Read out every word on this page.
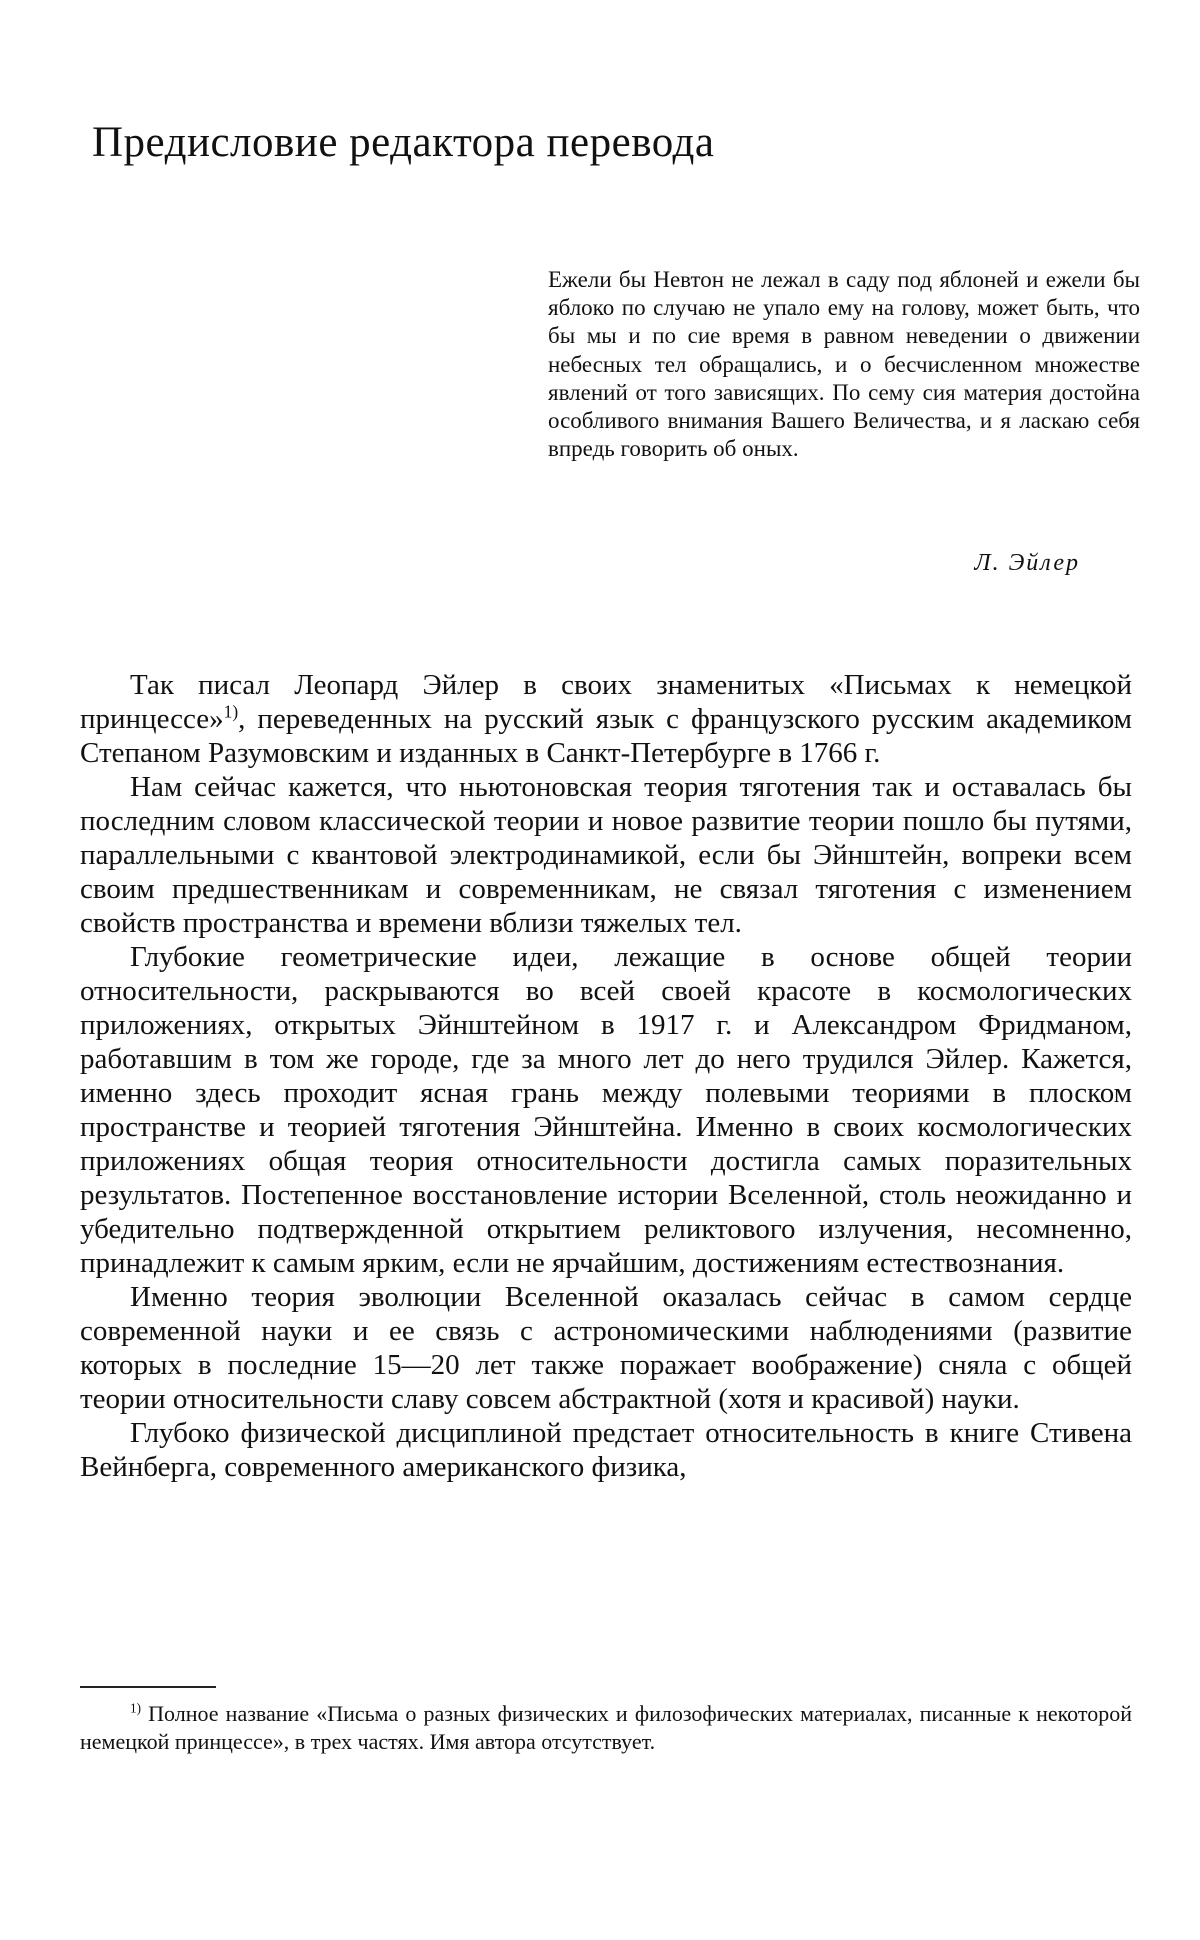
Предисловие редактора перевода

Ежели бы Невтон не лежал в саду под яблоней и ежели бы яблоко по случаю не упало ему на голову, может быть, что бы мы и по сие время в равном неведении о движении небесных тел обращались, и о бесчисленном множестве явлений от того зависящих. По сему сия материя достойна особливого внимания Вашего Величества, и я ласкаю себя впредь говорить об оных.

Л. Эйлер

Так писал Леопард Эйлер в своих знаменитых «Письмах к немецкой принцессе»$^{1)}$, переведенных на русский язык с французского русским академиком Степаном Разумовским и изданных в Санкт-Петербурге в 1766 г.

Нам сейчас кажется, что ньютоновская теория тяготения так и оставалась бы последним словом классической теории и новое развитие теории пошло бы путями, параллельными с квантовой электродинамикой, если бы Эйнштейн, вопреки всем своим предшественникам и современникам, не связал тяготения с изменением свойств пространства и времени вблизи тяжелых тел.

Глубокие геометрические идеи, лежащие в основе общей теории относительности, раскрываются во всей своей красоте в космологических приложениях, открытых Эйнштейном в 1917 г. и Александром Фридманом, работавшим в том же городе, где за много лет до него трудился Эйлер. Кажется, именно здесь проходит ясная грань между полевыми теориями в плоском пространстве и теорией тяготения Эйнштейна. Именно в своих космологических приложениях общая теория относительности достигла самых поразительных результатов. Постепенное восстановление истории Вселенной, столь неожиданно и убедительно подтвержденной открытием реликтового излучения, несомненно, принадлежит к самым ярким, если не ярчайшим, достижениям естествознания.

Именно теория эволюции Вселенной оказалась сейчас в самом сердце современной науки и ее связь с астрономическими наблюдениями (развитие которых в последние 15—20 лет также поражает воображение) сняла с общей теории относительности славу совсем абстрактной (хотя и красивой) науки.

Глубоко физической дисциплиной предстает относительность в книге Стивена Вейнберга, современного американского физика,

$^{1)}$ Полное название «Письма о разных физических и филозофических материалах, писанные к некоторой немецкой принцессе», в трех частях. Имя автора отсутствует.
